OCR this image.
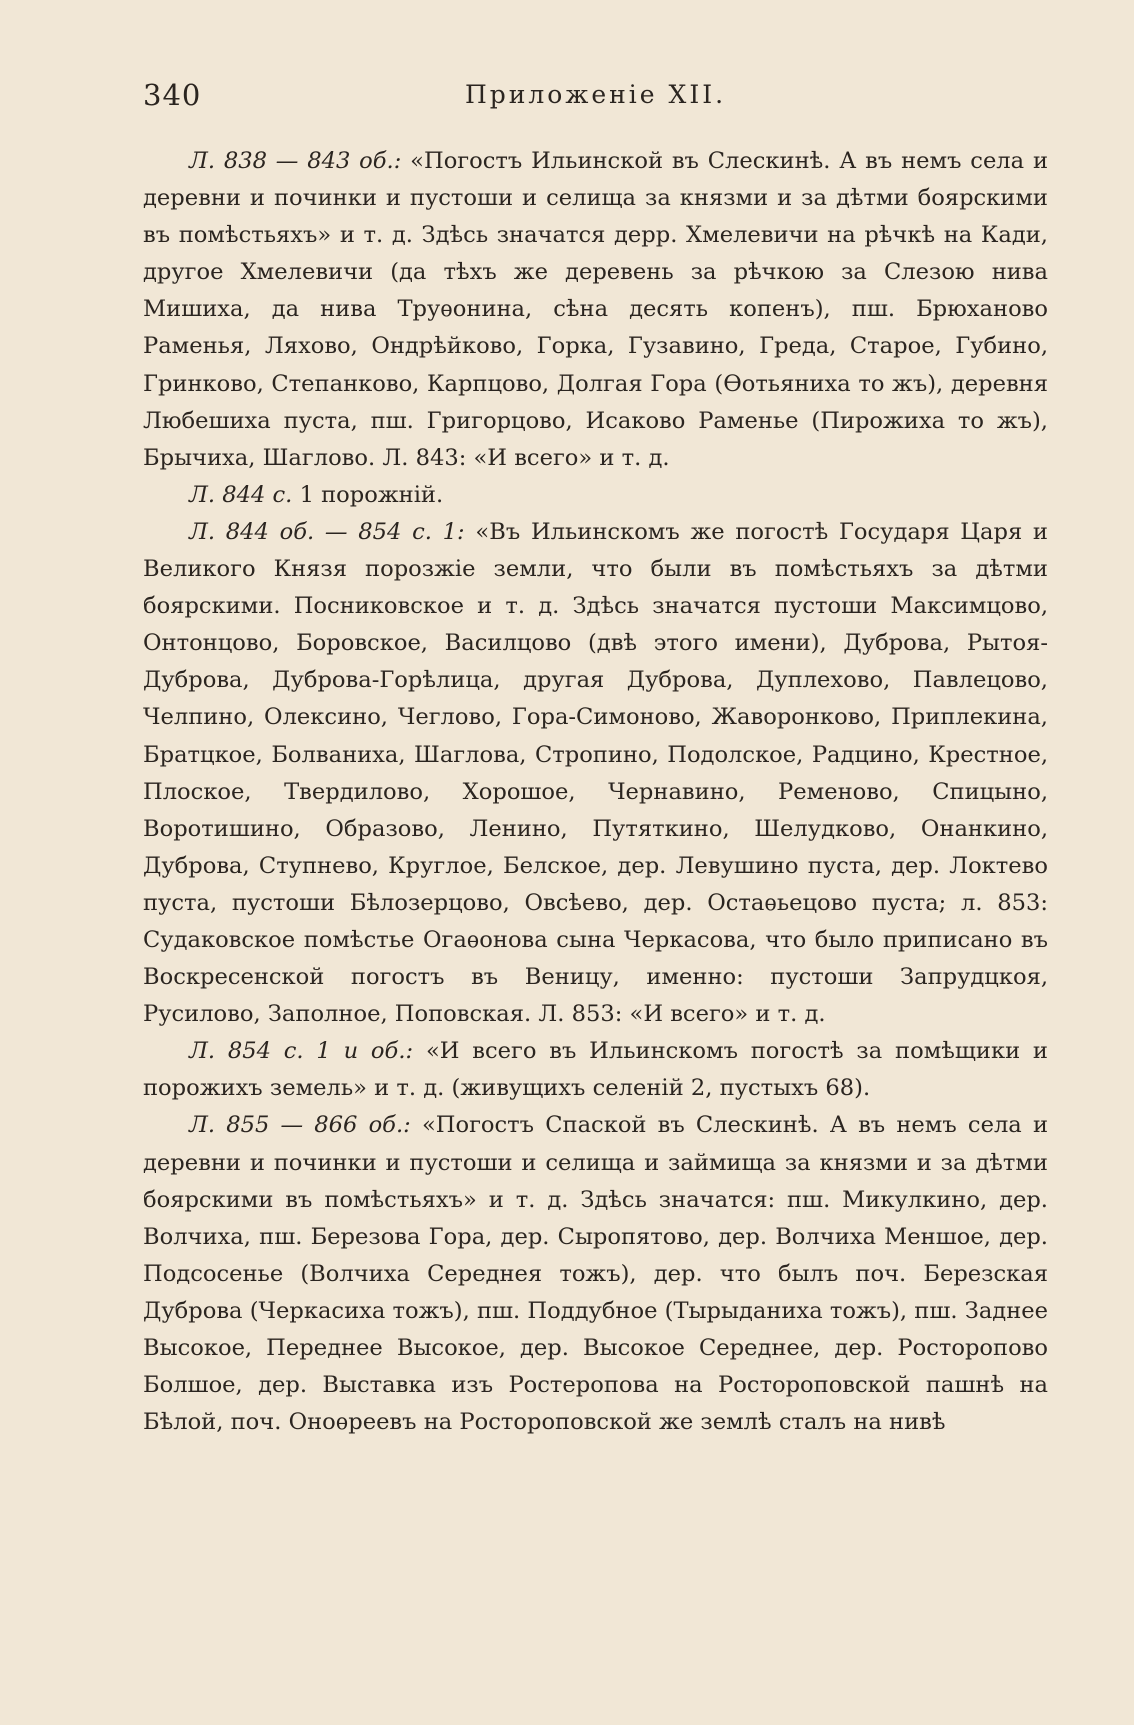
340	Приложеніе XII.

Л. 838 — 843 об.: «Погостъ Ильинской въ Слескинѣ. А въ немъ села и деревни и починки и пустоши и селища за князми и за дѣтми боярскими въ помѣстьяхъ» и т. д. Здѣсь значатся дерр. Хмелевичи на рѣчкѣ на Кади, другое Хмелевичи (да тѣхъ же деревень за рѣчкою за Слезою нива Мишиха, да нива Труѳонина, сѣна десять копенъ), пш. Брюханово Раменья, Ляхово, Ондрѣйково, Горка, Гузавино, Греда, Старое, Губино, Гринково, Степанково, Карпцово, Долгая Гора (Ѳотьяниха то жъ), деревня Любешиха пуста, пш. Григорцово, Исаково Раменье (Пирожиха то жъ), Брычиха, Шаглово. Л. 843: «И всего» и т. д.

Л. 844 с. 1 порожній.

Л. 844 об. — 854 с. 1: «Въ Ильинскомъ же погостѣ Государя Царя и Великого Князя порозжіе земли, что были въ помѣстьяхъ за дѣтми боярскими. Посниковское и т. д. Здѣсь значатся пустоши Максимцово, Онтонцово, Боровское, Василцово (двѣ этого имени), Дуброва, Рытоя-Дуброва, Дуброва-Горѣлица, другая Дуброва, Дуплехово, Павлецово, Челпино, Олексино, Чеглово, Гора-Симоново, Жаворонково, Приплекина, Братцкое, Болваниха, Шаглова, Стропино, Подолское, Радцино, Крестное, Плоское, Твердилово, Хорошое, Чернавино, Ременово, Спицыно, Воротишино, Образово, Ленино, Путяткино, Шелудково, Онанкино, Дуброва, Ступнево, Круглое, Белское, дер. Левушино пуста, дер. Локтево пуста, пустоши Бѣлозерцово, Овсѣево, дер. Остаѳьецово пуста; л. 853: Судаковское помѣстье Огаѳонова сына Черкасова, что было приписано въ Воскресенской погостъ въ Веницу, именно: пустоши Запрудцкоя, Русилово, Заполное, Поповская. Л. 853: «И всего» и т. д.

Л. 854 с. 1 и об.: «И всего въ Ильинскомъ погостѣ за помѣщики и порожихъ земель» и т. д. (живущихъ селеній 2, пустыхъ 68).

Л. 855 — 866 об.: «Погостъ Спаской въ Слескинѣ. А въ немъ села и деревни и починки и пустоши и селища и займища за князми и за дѣтми боярскими въ помѣстьяхъ» и т. д. Здѣсь значатся: пш. Микулкино, дер. Волчиха, пш. Березова Гора, дер. Сыропятово, дер. Волчиха Меншое, дер. Подсосенье (Волчиха Середнея тожъ), дер. что былъ поч. Березская Дуброва (Черкасиха тожъ), пш. Поддубное (Тырыданиха тожъ), пш. Заднее Высокое, Переднее Высокое, дер. Высокое Середнее, дер. Ростороповo Болшое, дер. Выставка изъ Ростеропова на Ростороповской пашнѣ на Бѣлой, поч. Оноѳреевъ на Ростороповской же землѣ сталъ на нивѣ
